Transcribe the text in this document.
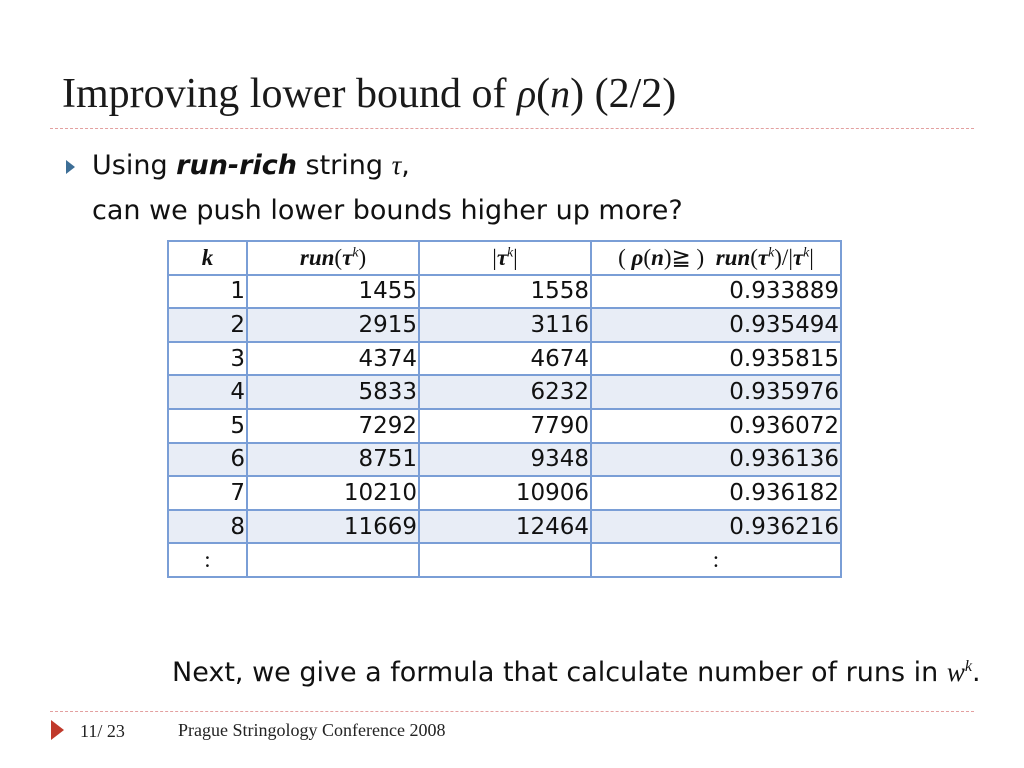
Improving lower bound of ρ(n) (2/2)
Using run-rich string τ,
can we push lower bounds higher up more?
k	$run(\tau^k)$	$|\tau^k|$	( ρ(n)≧ )  $run(\tau^k)/|\tau^k|$
1	1455	1558	0.933889
2	2915	3116	0.935494
3	4374	4674	0.935815
4	5833	6232	0.935976
5	7292	7790	0.936072
6	8751	9348	0.936136
7	10210	10906	0.936182
8	11669	12464	0.936216
:			:
Next, we give a formula that calculate number of runs in $w^k$.
11/ 23	Prague Stringology Conference 2008
